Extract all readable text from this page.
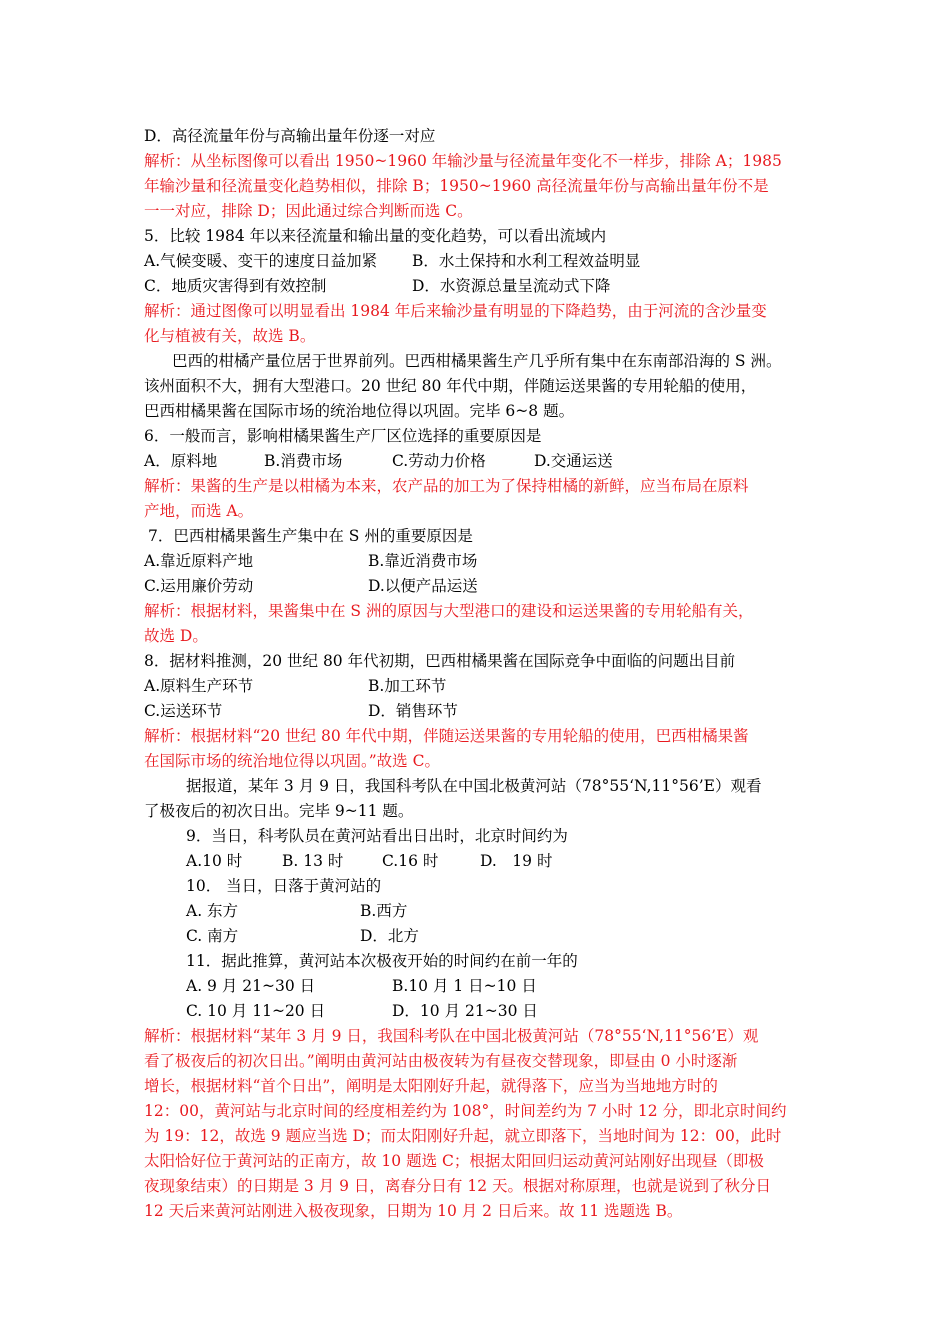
D．高径流量年份与高输出量年份逐一对应
解析：从坐标图像可以看出 1950~1960 年输沙量与径流量年变化不一样步，排除 A；1985
年输沙量和径流量变化趋势相似，排除 B；1950~1960 高径流量年份与高输出量年份不是
一一对应，排除 D；因此通过综合判断而选 C。
5．比较 1984 年以来径流量和输出量的变化趋势，可以看出流域内
A.气候变暖、变干的速度日益加紧 B．水土保持和水利工程效益明显
C．地质灾害得到有效控制	D．水资源总量呈流动式下降
解析：通过图像可以明显看出 1984 年后来输沙量有明显的下降趋势，由于河流的含沙量变
化与植被有关，故选 B。
巴西的柑橘产量位居于世界前列。巴西柑橘果酱生产几乎所有集中在东南部沿海的 S 洲。
该州面积不大，拥有大型港口。20 世纪 80 年代中期，伴随运送果酱的专用轮船的使用，
巴西柑橘果酱在国际市场的统治地位得以巩固。完毕 6~8 题。
6．一般而言，影响柑橘果酱生产厂区位选择的重要原因是
A．原料地	B.消费市场	C.劳动力价格	D.交通运送
解析：果酱的生产是以柑橘为本来，农产品的加工为了保持柑橘的新鲜，应当布局在原料
产地，而选 A。
7．巴西柑橘果酱生产集中在 S 州的重要原因是
A.靠近原料产地	B.靠近消费市场
C.运用廉价劳动	D.以便产品运送
解析：根据材料，果酱集中在 S 洲的原因与大型港口的建设和运送果酱的专用轮船有关，
故选 D。
8．据材料推测，20 世纪 80 年代初期，巴西柑橘果酱在国际竞争中面临的问题出目前
A.原料生产环节	B.加工环节
C.运送环节	D．销售环节
解析：根据材料“20 世纪 80 年代中期，伴随运送果酱的专用轮船的使用，巴西柑橘果酱
在国际市场的统治地位得以巩固。”故选 C。
据报道，某年 3 月 9 日，我国科考队在中国北极黄河站（78°55‘N,11°56’E）观看
了极夜后的初次日出。完毕 9~11 题。
9．当日，科考队员在黄河站看出日出时，北京时间约为
A.10 时	B. 13 时 C.16 时	D.　19 时
10． 当日，日落于黄河站的
A. 东方	B.西方
C. 南方	D．北方
11．据此推算，黄河站本次极夜开始的时间约在前一年的
A. 9 月 21~30 日	B.10 月 1 日~10 日
C. 10 月 11~20 日	D．10 月 21~30 日
解析：根据材料“某年 3 月 9 日，我国科考队在中国北极黄河站（78°55‘N,11°56’E）观
看了极夜后的初次日出。”阐明由黄河站由极夜转为有昼夜交替现象，即昼由 0 小时逐渐
增长，根据材料“首个日出”，阐明是太阳刚好升起，就得落下，应当为当地地方时的
12：00，黄河站与北京时间的经度相差约为 108°，时间差约为 7 小时 12 分，即北京时间约
为 19：12，故选 9 题应当选 D；而太阳刚好升起，就立即落下，当地时间为 12：00，此时
太阳恰好位于黄河站的正南方，故 10 题选 C；根据太阳回归运动黄河站刚好出现昼（即极
夜现象结束）的日期是 3 月 9 日，离春分日有 12 天。根据对称原理，也就是说到了秋分日
12 天后来黄河站刚进入极夜现象，日期为 10 月 2 日后来。故 11 选题选 B。
